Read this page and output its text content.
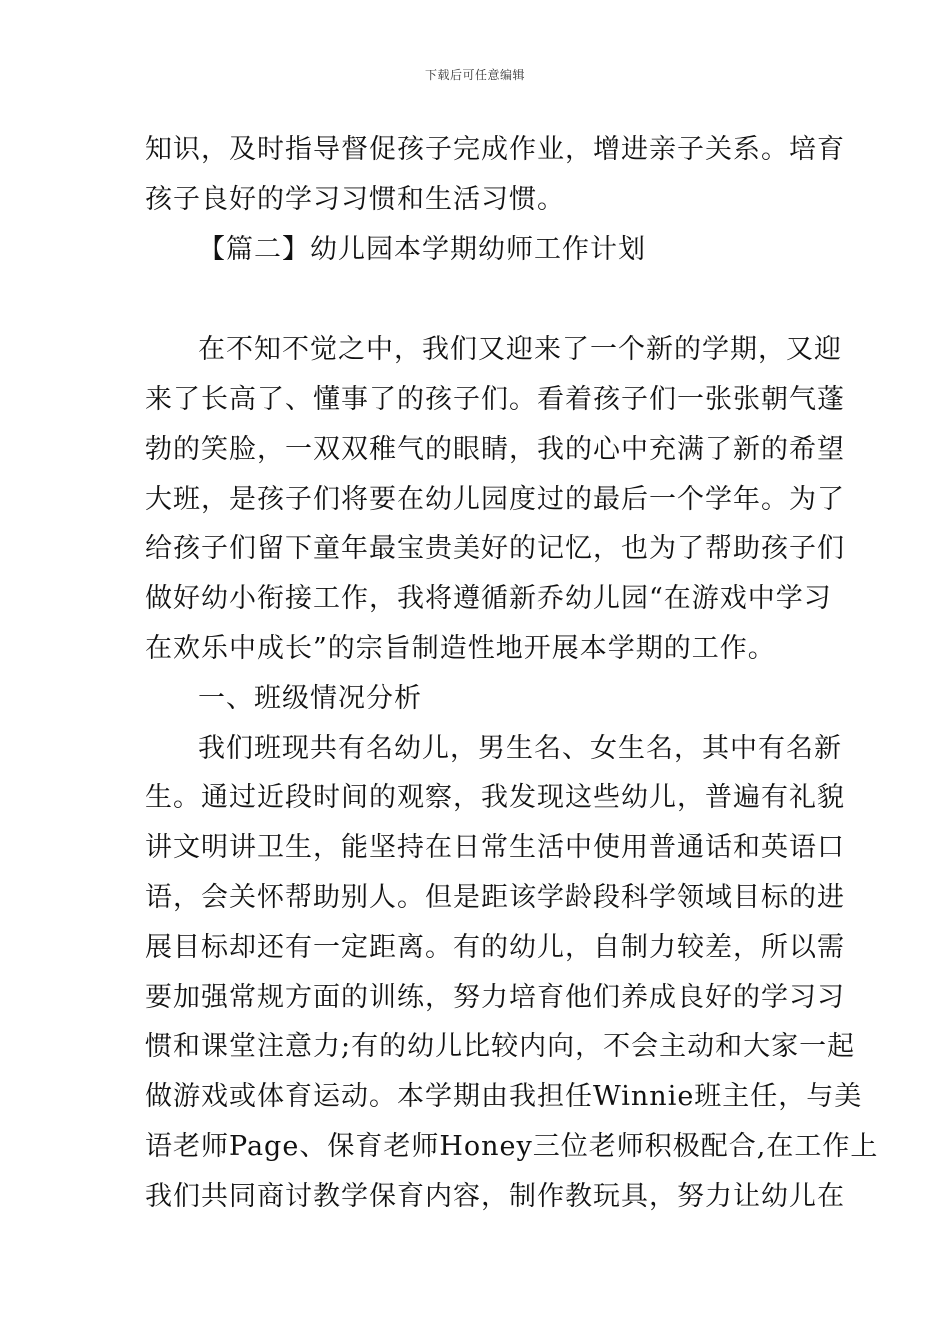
下载后可任意编辑
知识，及时指导督促孩子完成作业，增进亲子关系。培育
孩子良好的学习习惯和生活习惯。
【篇二】幼儿园本学期幼师工作计划
在不知不觉之中，我们又迎来了一个新的学期，又迎
来了长高了、懂事了的孩子们。看着孩子们一张张朝气蓬
勃的笑脸，一双双稚气的眼睛，我的心中充满了新的希望
大班，是孩子们将要在幼儿园度过的最后一个学年。为了
给孩子们留下童年最宝贵美好的记忆，也为了帮助孩子们
做好幼小衔接工作，我将遵循新乔幼儿园“在游戏中学习
在欢乐中成长”的宗旨制造性地开展本学期的工作。
一、班级情况分析
我们班现共有名幼儿，男生名、女生名，其中有名新
生。通过近段时间的观察，我发现这些幼儿，普遍有礼貌
讲文明讲卫生，能坚持在日常生活中使用普通话和英语口
语，会关怀帮助别人。但是距该学龄段科学领域目标的进
展目标却还有一定距离。有的幼儿，自制力较差，所以需
要加强常规方面的训练，努力培育他们养成良好的学习习
惯和课堂注意力;有的幼儿比较内向，不会主动和大家一起
做游戏或体育运动。本学期由我担任Winnie班主任，与美
语老师Page、保育老师Honey三位老师积极配合,在工作上
我们共同商讨教学保育内容，制作教玩具，努力让幼儿在
